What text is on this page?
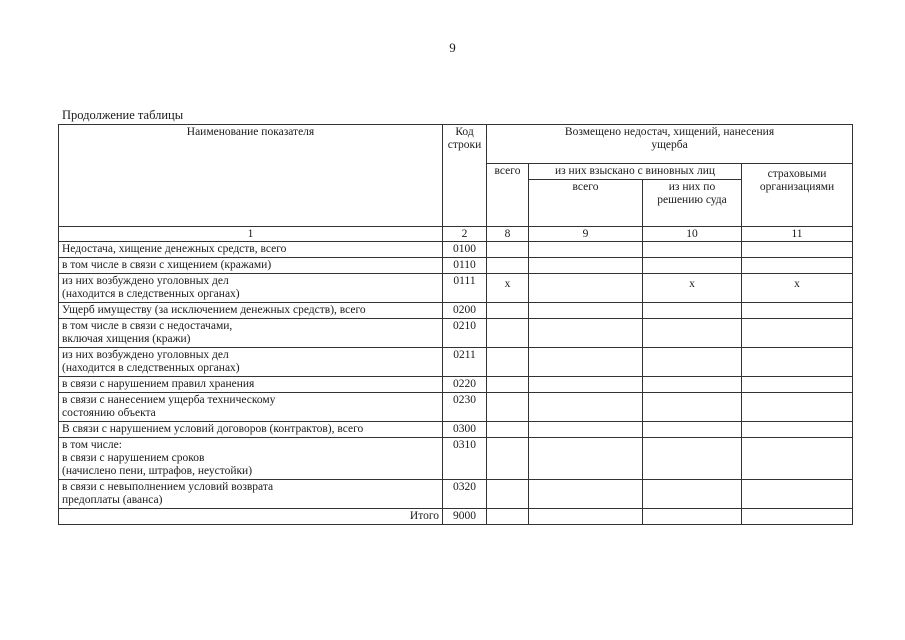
9
Продолжение таблицы
Наименование показателя	Код строки	Возмещено недостач, хищений, нанесения ущерба			
		всего	из них взыскано с виновных лиц		страховыми организациями
			всего	из них по решению суда	
1	2	8	9	10	11
Недостача, хищение денежных средств, всего	0100				
в том числе в связи с хищением (кражами)	0110				
из них возбуждено уголовных дел
(находится в следственных органах)	0111	x		x	x
Ущерб имуществу (за исключением денежных средств), всего	0200				
в том числе в связи с недостачами,
включая хищения (кражи)	0210				
из них возбуждено уголовных дел
(находится в следственных органах)	0211				
в связи с нарушением правил хранения	0220				
в связи с нанесением ущерба техническому
состоянию объекта	0230				
В связи с нарушением условий договоров (контрактов), всего	0300				
в том числе:
в связи с нарушением сроков
(начислено пени, штрафов, неустойки)	0310				
в связи с невыполнением условий возврата
предоплаты (аванса)	0320				
Итого	9000				
